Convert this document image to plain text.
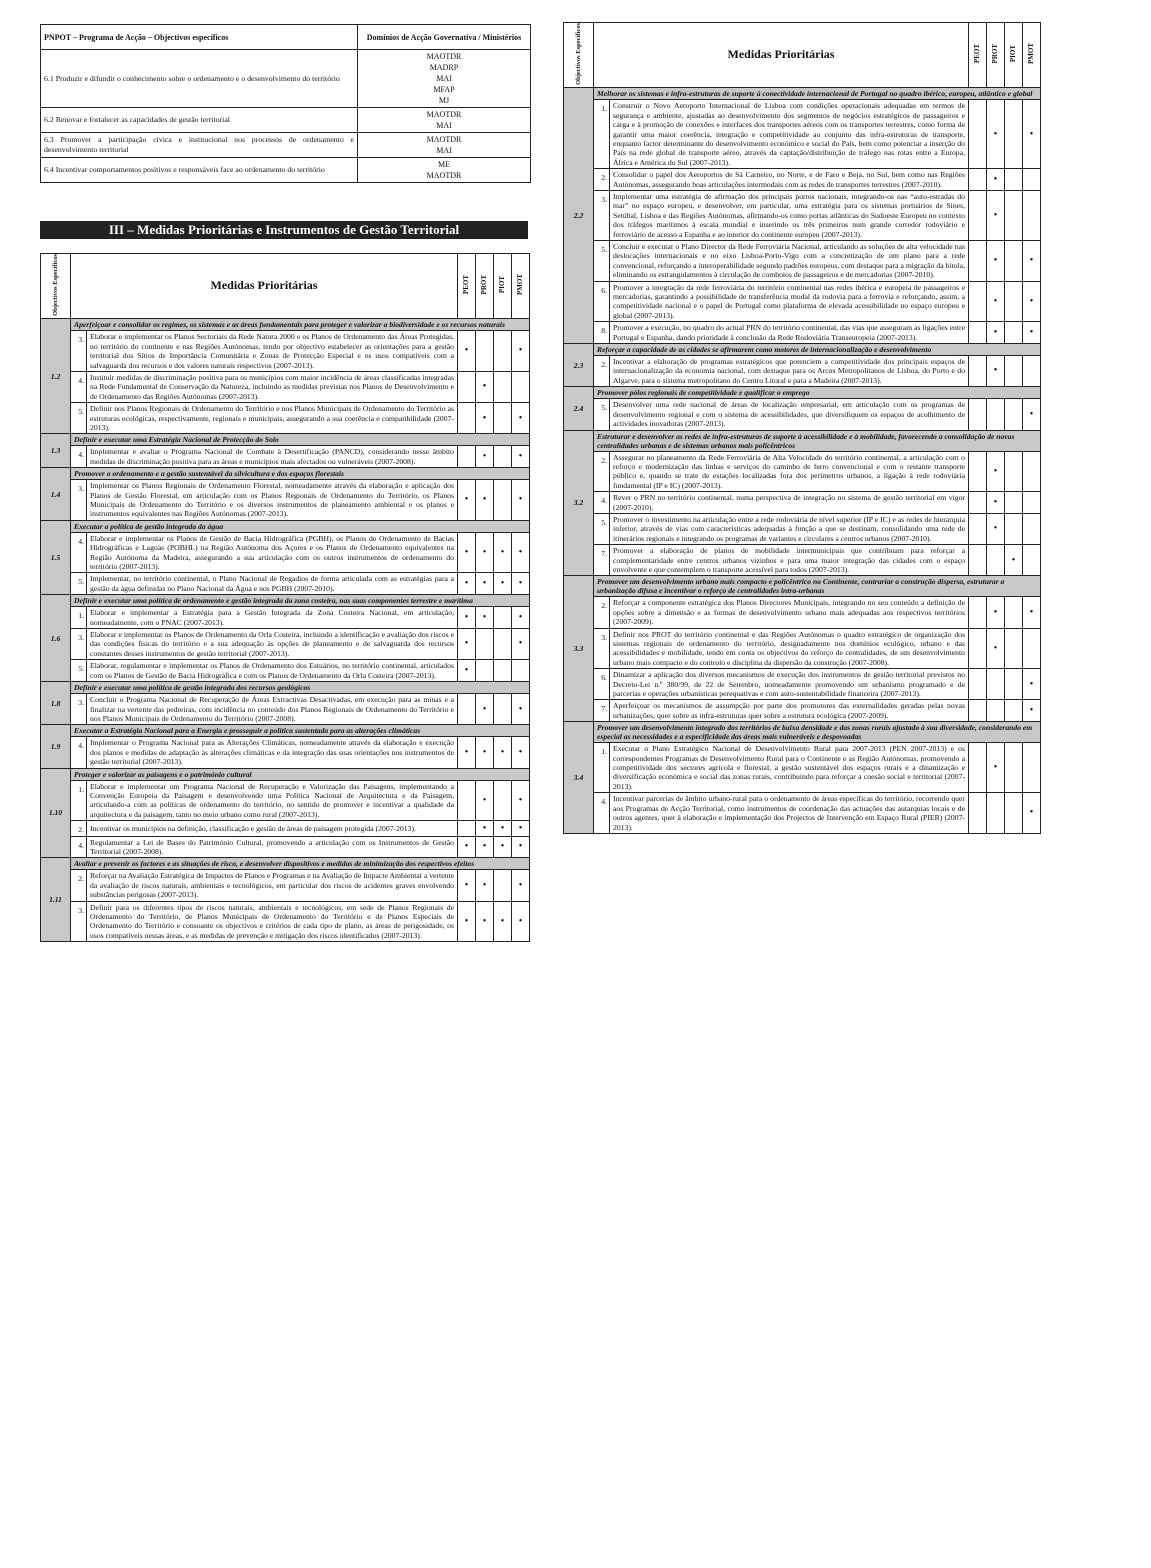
PNPOT – Programa de Acção – Objectivos específicos	Domínios de Acção Governativa / Ministérios
6.1 Produzir e difundir o conhecimento sobre o ordenamento e o desenvolvimento do território	MAOTDR
MADRP
MAI
MFAP
MJ

6.2 Renovar e fortalecer as capacidades de gestão territorial	MAOTDR
MAI

6.3 Promover a participação cívica e institucional nos processos de ordenamento e desenvolvimento territorial	MAOTDR
MAI

6.4 Incentivar comportamentos positivos e responsáveis face ao ordenamento do território	ME
MAOTDR
III – Medidas Prioritárias e Instrumentos de Gestão Territorial
Objectivos Específicos	Medidas Prioritárias		PEOT	PROT	PIOT	PMOT
1.2	Aperfeiçoar e consolidar os regimes, os sistemas e as áreas fundamentais para proteger e valorizar a biodiversidade e os recursos naturais					
	3.	Elaborar e implementar os Planos Sectoriais da Rede Natura 2000 e os Planos de Ordenamento das Áreas Protegidas, no território do continente e nas Regiões Autónomas, tendo por objectivo estabelecer as orientações para a gestão territorial dos Sítios de Importância Comunitária e Zonas de Protecção Especial e os usos compatíveis com a salvaguarda dos recursos e dos valores naturais respectivos (2007-2013).	•			•
	4.	Instituir medidas de discriminação positiva para os municípios com maior incidência de áreas classificadas integradas na Rede Fundamental de Conservação da Natureza, incluindo as medidas previstas nos Planos de Desenvolvimento e de Ordenamento das Regiões Autónomas (2007-2013).		•		
	5.	Definir nos Planos Regionais de Ordenamento do Território e nos Planos Municipais de Ordenamento do Território as estruturas ecológicas, respectivamente, regionais e municipais, assegurando a sua coerência e compatibilidade (2007-2013).		•		•
1.3	Definir e executar uma Estratégia Nacional de Protecção do Solo					
	4.	Implementar e avaliar o Programa Nacional de Combate à Desertificação (PANCD), considerando nesse âmbito medidas de discriminação positiva para as áreas e municípios mais afectados ou vulneráveis (2007-2008).		•		•
1.4	Promover o ordenamento e a gestão sustentável da silvicultura e dos espaços florestais					
	3.	Implementar os Planos Regionais de Ordenamento Florestal, nomeadamente através da elaboração e aplicação dos Planos de Gestão Florestal, em articulação com os Planos Regionais de Ordenamento do Território, os Planos Municipais de Ordenamento do Território e os diversos instrumentos de planeamento ambiental e os planos e instrumentos equivalentes nas Regiões Autónomas (2007-2013).	•	•		•
1.5	Executar a política de gestão integrada da água					
	4.	Elaborar e implementar os Planos de Gestão de Bacia Hidrográfica (PGBH), os Planos de Ordenamento de Bacias Hidrográficas e Lagoas (POBHL) na Região Autónoma dos Açores e os Planos de Ordenamento equivalentes na Região Autónoma da Madeira, assegurando a sua articulação com os outros instrumentos de ordenamento do território (2007-2013).	•	•	•	•
	5.	Implementar, no território continental, o Plano Nacional de Regadios de forma articulada com as estratégias para a gestão da água definidas no Plano Nacional da Água e nos PGBH (2007-2010).	•	•	•	•
1.6	Definir e executar uma política de ordenamento e gestão integrada da zona costeira, nas suas componentes terrestre e marítima					
	1.	Elaborar e implementar a Estratégia para a Gestão Integrada da Zona Costeira Nacional, em articulação, nomeadamente, com o PNAC (2007-2013).	•	•		•
	3.	Elaborar e implementar os Planos de Ordenamento da Orla Costeira, incluindo a identificação e avaliação dos riscos e das condições físicas do território e a sua adequação às opções de planeamento e de salvaguarda dos recursos constantes desses instrumentos de gestão territorial (2007-2013).	•			•
	5.	Elaborar, regulamentar e implementar os Planos de Ordenamento dos Estuários, no território continental, articulados com os Planos de Gestão de Bacia Hidrográfica e com os Planos de Ordenamento da Orla Costeira (2007-2013).	•			
1.8	Definir e executar uma política de gestão integrada dos recursos geológicos					
	3.	Concluir o Programa Nacional de Recuperação de Áreas Extractivas Desactivadas, em execução para as minas e a finalizar na vertente das pedreiras, com incidência no conteúdo dos Planos Regionais de Ordenamento do Território e nos Planos Municipais de Ordenamento do Território (2007-2008).		•		•
1.9	Executar a Estratégia Nacional para a Energia e prosseguir a política sustentada para as alterações climáticas					
	4.	Implementar o Programa Nacional para as Alterações Climáticas, nomeadamente através da elaboração e execução dos planos e medidas de adaptação às alterações climáticas e da integração das suas orientações nos instrumentos de gestão territorial (2007-2013).	•	•	•	•
1.10	Proteger e valorizar as paisagens e o património cultural					
	1.	Elaborar e implementar um Programa Nacional de Recuperação e Valorização das Paisagens, implementando a Convenção Europeia da Paisagem e desenvolvendo uma Política Nacional de Arquitectura e da Paisagem, articulando-a com as políticas de ordenamento do território, no sentido de promover e incentivar a qualidade da arquitectura e da paisagem, tanto no meio urbano como rural (2007-2013).		•		•
	2.	Incentivar os municípios na definição, classificação e gestão de áreas de paisagem protegida (2007-2013).		•	•	•
	4.	Regulamentar a Lei de Bases do Património Cultural, promovendo a articulação com os Instrumentos de Gestão Territorial (2007-2008).	•	•	•	•
1.11	Avaliar e prevenir os factores e as situações de risco, e desenvolver dispositivos e medidas de minimização dos respectivos efeitos					
	2.	Reforçar na Avaliação Estratégica de Impactes de Planos e Programas e na Avaliação de Impacte Ambiental a vertente da avaliação de riscos naturais, ambientais e tecnológicos, em particular dos riscos de acidentes graves envolvendo substâncias perigosas (2007-2013).	•	•		•
	3.	Definir para os diferentes tipos de riscos naturais, ambientais e tecnológicos, em sede de Planos Regionais de Ordenamento do Território, de Planos Municipais de Ordenamento do Território e de Planos Especiais de Ordenamento do Território e consoante os objectivos e critérios de cada tipo de plano, as áreas de perigosidade, os usos compatíveis nessas áreas, e as medidas de prevenção e mitigação dos riscos identificados (2007-2013).	•	•	•	•
Objectivos Específicos	Medidas Prioritárias		PEOT	PROT	PIOT	PMOT
2.2	Melhorar os sistemas e infra-estruturas de suporte à conectividade internacional de Portugal no quadro ibérico, europeu, atlântico e global					
	1.	Construir o Novo Aeroporto Internacional de Lisboa com condições operacionais adequadas em termos de segurança e ambiente, ajustadas ao desenvolvimento dos segmentos de negócios estratégicos de passageiros e carga e à promoção de conexões e interfaces dos transportes aéreos com os transportes terrestres, como forma de garantir uma maior coerência, integração e competitividade ao conjunto das infra-estruturas de transporte, enquanto factor determinante do desenvolvimento económico e social do País, bem como potenciar a inserção do País na rede global de transporte aéreo, através da captação/distribuição de tráfego nas rotas entre a Europa, África e América do Sul (2007-2013).		•		•
	2.	Consolidar o papel dos Aeroportos de Sá Carneiro, no Norte, e de Faro e Beja, no Sul, bem como nas Regiões Autónomas, assegurando boas articulações intermodais com as redes de transportes terrestres (2007-2010).		•		
	3.	Implementar uma estratégia de afirmação dos principais portos nacionais, integrando-os nas “auto-estradas do mar” no espaço europeu, e desenvolver, em particular, uma estratégia para os sistemas portuários de Sines, Setúbal, Lisboa e das Regiões Autónomas, afirmando-os como portas atlânticas do Sudoeste Europeu no contexto dos tráfegos marítimos à escala mundial e inserindo os três primeiros num grande corredor rodoviário e ferroviário de acesso a Espanha e ao interior do continente europeu (2007-2013).		•		
	5.	Concluir e executar o Plano Director da Rede Ferroviária Nacional, articulando as soluções de alta velocidade nas deslocações internacionais e no eixo Lisboa-Porto-Vigo com a concretização de um plano para a rede convencional, reforçando a interoperabilidade segundo padrões europeus, com destaque para a migração da bitola, eliminando os estrangulamentos à circulação de comboios de passageiros e de mercadorias (2007-2010).		•		•
	6.	Promover a integração da rede ferroviária do território continental nas redes ibérica e europeia de passageiros e mercadorias, garantindo a possibilidade de transferência modal da rodovia para a ferrovia e reforçando, assim, a competitividade nacional e o papel de Portugal como plataforma de elevada acessibilidade no espaço europeu e global (2007-2013).		•		•
	8.	Promover a execução, no quadro do actual PRN do território continental, das vias que asseguram as ligações entre Portugal e Espanha, dando prioridade à conclusão da Rede Rodoviária Transeuropeia (2007-2013).		•		•
2.3	Reforçar a capacidade de as cidades se afirmarem como motores de internacionalização e desenvolvimento					
	2.	Incentivar a elaboração de programas estratégicos que potenciem a competitividade dos principais espaços de internacionalização da economia nacional, com destaque para os Arcos Metropolitanos de Lisboa, do Porto e do Algarve, para o sistema metropolitano do Centro Litoral e para a Madeira (2007-2013).		•		
2.4	Promover pólos regionais de competitividade e qualificar o emprego					
	5.	Desenvolver uma rede nacional de áreas de localização empresarial, em articulação com os programas de desenvolvimento regional e com o sistema de acessibilidades, que diversifiquem os espaços de acolhimento de actividades inovadoras (2007-2013).				•
3.2	Estruturar e desenvolver as redes de infra-estruturas de suporte à acessibilidade e à mobilidade, favorecendo a consolidação de novas centralidades urbanas e de sistemas urbanos mais policêntricos					
	2.	Assegurar no planeamento da Rede Ferroviária de Alta Velocidade do território continental, a articulação com o reforço e modernização das linhas e serviços do caminho de ferro convencional e com o restante transporte público e, quando se trate de estações localizadas fora dos perímetros urbanos, a ligação à rede rodoviária fundamental (IP e IC) (2007-2013).		•		
	4.	Rever o PRN no território continental, numa perspectiva de integração no sistema de gestão territorial em vigor (2007-2010).		•		
	5.	Promover o investimento na articulação entre a rede rodoviária de nível superior (IP e IC) e as redes de hierarquia inferior, através de vias com características adequadas à função a que se destinam, consolidando uma rede de itinerários regionais e integrando os programas de variantes e circulares a centros urbanos (2007-2010).		•		
	7.	Promover a elaboração de planos de mobilidade intermunicipais que contribuam para reforçar a complementaridade entre centros urbanos vizinhos e para uma maior integração das cidades com o espaço envolvente e que contemplem o transporte acessível para todos (2007-2013).			•	
3.3	Promover um desenvolvimento urbano mais compacto e policêntrico no Continente, contrariar a construção dispersa, estruturar a urbanização difusa e incentivar o reforço de centralidades intra-urbanas					
	2.	Reforçar a componente estratégica dos Planos Directores Municipais, integrando no seu conteúdo a definição de opções sobre a dimensão e as formas de desenvolvimento urbano mais adequadas aos respectivos territórios (2007-2009).		•		•
	3.	Definir nos PROT do território continental e das Regiões Autónomas o quadro estratégico de organização dos sistemas regionais de ordenamento do território, designadamente nos domínios ecológico, urbano e das acessibilidades e mobilidade, tendo em conta os objectivos do reforço de centralidades, de um desenvolvimento urbano mais compacto e do controlo e disciplina da dispersão da construção (2007-2008).		•		
	6.	Dinamizar a aplicação dos diversos mecanismos de execução dos instrumentos de gestão territorial previstos no Decreto-Lei n.º 380/99, de 22 de Setembro, nomeadamente promovendo um urbanismo programado e de parcerias e operações urbanísticas perequativas e com auto-sustentabilidade financeira (2007-2013).				•
	7.	Aperfeiçoar os mecanismos de assumpção por parte dos promotores das externalidades geradas pelas novas urbanizações, quer sobre as infra-estruturas quer sobre a estrutura ecológica (2007-2009).				•
3.4	Promover um desenvolvimento integrado dos territórios de baixa densidade e das zonas rurais ajustado à sua diversidade, considerando em especial as necessidades e a especificidade das áreas mais vulneráveis e despovoadas					
	1.	Executar o Plano Estratégico Nacional de Desenvolvimento Rural para 2007-2013 (PEN 2007-2013) e os correspondentes Programas de Desenvolvimento Rural para o Continente e as Região Autónomas, promovendo a competitividade dos sectores agrícola e florestal, a gestão sustentável dos espaços rurais e a dinamização e diversificação económica e social das zonas rurais, contribuindo para reforçar a coesão social e territorial (2007-2013).		•		
	4.	Incentivar parcerias de âmbito urbano-rural para o ordenamento de áreas específicas do território, recorrendo quer aos Programas de Acção Territorial, como instrumentos de coordenação das actuações das autarquias locais e de outros agentes, quer à elaboração e implementação dos Projectos de Intervenção em Espaço Rural (PIER) (2007-2013).				•
